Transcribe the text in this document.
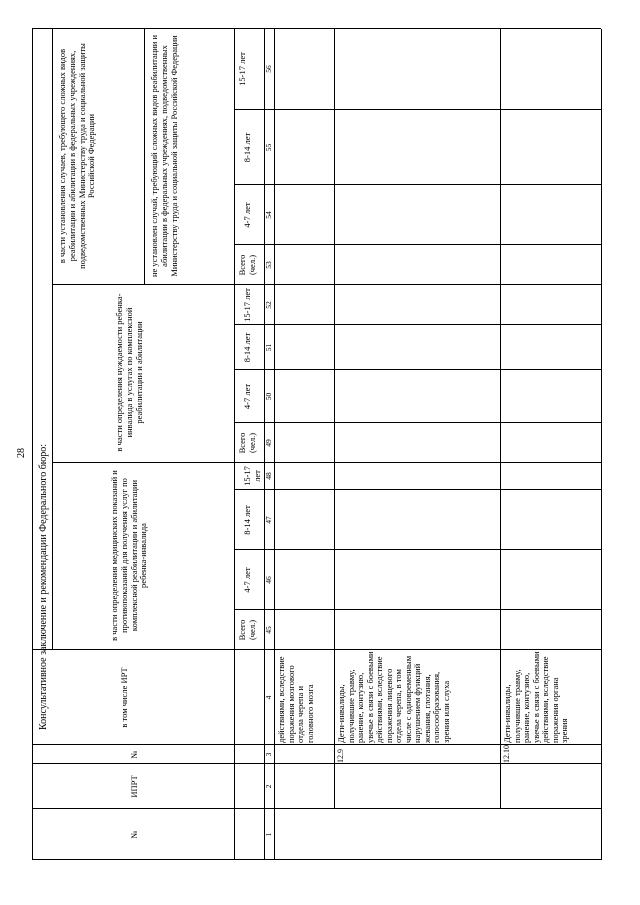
28 Консультативное заключение и рекомендации Федерального бюро:
№
ИПРТ
№
в том числе ИРТ
в части определения медицинских показаний и противопоказаний для получения услуг по комплексной реабилитации и абилитации ребенка-инвалида
в части определения нуждаемости ребенка-инвалида в услугах по комплексной реабилитации и абилитации
в части установления случаев, требующего сложных видов реабилитации и абилитации в федеральных учреждениях, подведомственных Министерству труда и социальной защиты Российской Федерации	не установлен случай, требующий сложных видов реабилитации и абилитации в федеральных учреждениях, подведомственных Министерству труда и социальной защиты Российской Федерации
Всего (чел.)
4-7 лет
8-14 лет
15-17 лет
Всего (чел.)
4-7 лет
8-14 лет
15-17 лет
Всего (чел.)
4-7 лет
8-14 лет
15-17 лет
1
2
3
4
45
46
47
48
49
50
51
52
53
54
55
56
действиями, вследствие поражения мозгового отдела черепа и головного мозга
12.9
Дети-инвалиды, получившие травму, ранение, контузию, увечье в связи с боевыми действиями, вследствие поражения лицевого отдела черепа, в том числе с одновременным нарушением функций жевания, глотания, голосообразования, зрения или слуха
12.10
Дети-инвалиды, получившие травму, ранение, контузию, увечье в связи с боевыми действиями, вследствие поражения органа зрения
